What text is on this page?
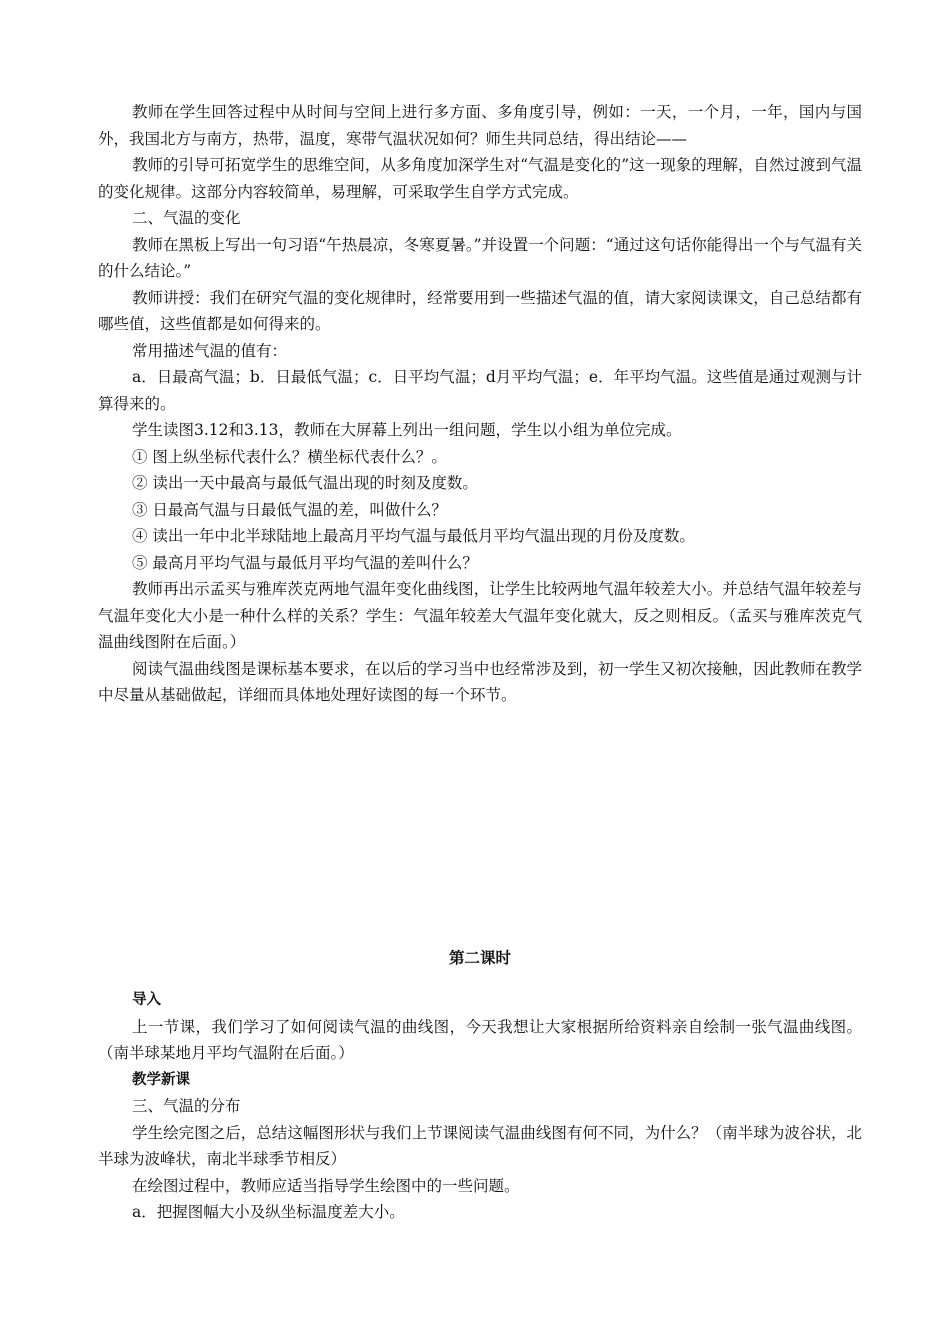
教师在学生回答过程中从时间与空间上进行多方面、多角度引导，例如：一天，一个月，一年，国内与国外，我国北方与南方，热带，温度，寒带气温状况如何？师生共同总结，得出结论——

教师的引导可拓宽学生的思维空间，从多角度加深学生对“气温是变化的”这一现象的理解，自然过渡到气温的变化规律。这部分内容较简单，易理解，可采取学生自学方式完成。

二、气温的变化

教师在黑板上写出一句习语“午热晨凉，冬寒夏暑。”并设置一个问题：“通过这句话你能得出一个与气温有关的什么结论。”

教师讲授：我们在研究气温的变化规律时，经常要用到一些描述气温的值，请大家阅读课文，自己总结都有哪些值，这些值都是如何得来的。

常用描述气温的值有：

a．日最高气温；b．日最低气温；c．日平均气温；d月平均气温；e．年平均气温。这些值是通过观测与计算得来的。

学生读图3.12和3.13，教师在大屏幕上列出一组问题，学生以小组为单位完成。

① 图上纵坐标代表什么？横坐标代表什么？。

② 读出一天中最高与最低气温出现的时刻及度数。

③ 日最高气温与日最低气温的差，叫做什么？

④ 读出一年中北半球陆地上最高月平均气温与最低月平均气温出现的月份及度数。

⑤ 最高月平均气温与最低月平均气温的差叫什么？

教师再出示孟买与雅库茨克两地气温年变化曲线图，让学生比较两地气温年较差大小。并总结气温年较差与气温年变化大小是一种什么样的关系？学生：气温年较差大气温年变化就大，反之则相反。（孟买与雅库茨克气温曲线图附在后面。）

阅读气温曲线图是课标基本要求，在以后的学习当中也经常涉及到，初一学生又初次接触，因此教师在教学中尽量从基础做起，详细而具体地处理好读图的每一个环节。

第二课时

导入

上一节课，我们学习了如何阅读气温的曲线图，今天我想让大家根据所给资料亲自绘制一张气温曲线图。（南半球某地月平均气温附在后面。）

教学新课

三、气温的分布

学生绘完图之后，总结这幅图形状与我们上节课阅读气温曲线图有何不同，为什么？（南半球为波谷状，北半球为波峰状，南北半球季节相反）

在绘图过程中，教师应适当指导学生绘图中的一些问题。

a．把握图幅大小及纵坐标温度差大小。
